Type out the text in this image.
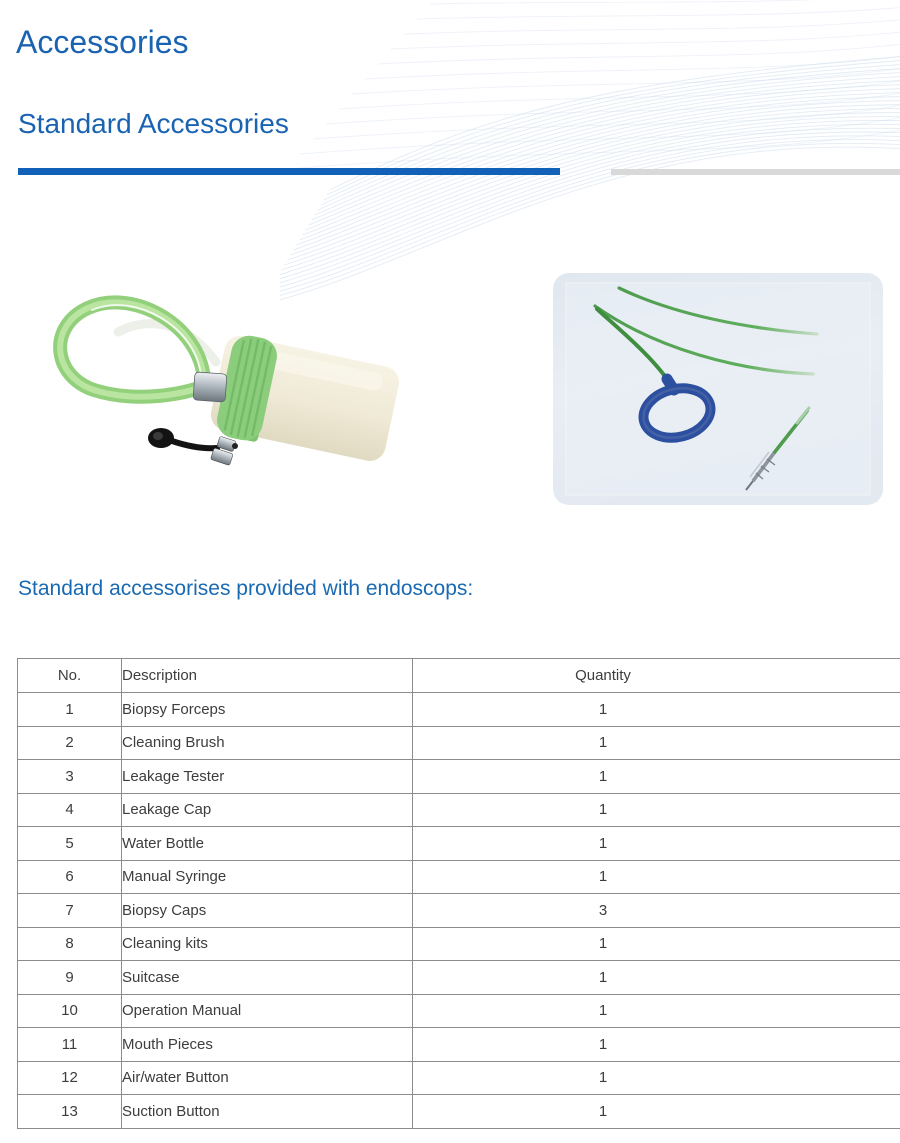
Accessories
Standard Accessories
Standard accessorises provided with endoscops:
No.	Description	Quantity

1	Biopsy Forceps	1

2	Cleaning Brush	1

3	Leakage Tester	1

4	Leakage Cap	1

5	Water Bottle	1

6	Manual Syringe	1

7	Biopsy Caps	3

8	Cleaning kits	1

9	Suitcase	1

10	Operation Manual	1

11	Mouth Pieces	1

12	Air/water Button	1

13	Suction Button	1
